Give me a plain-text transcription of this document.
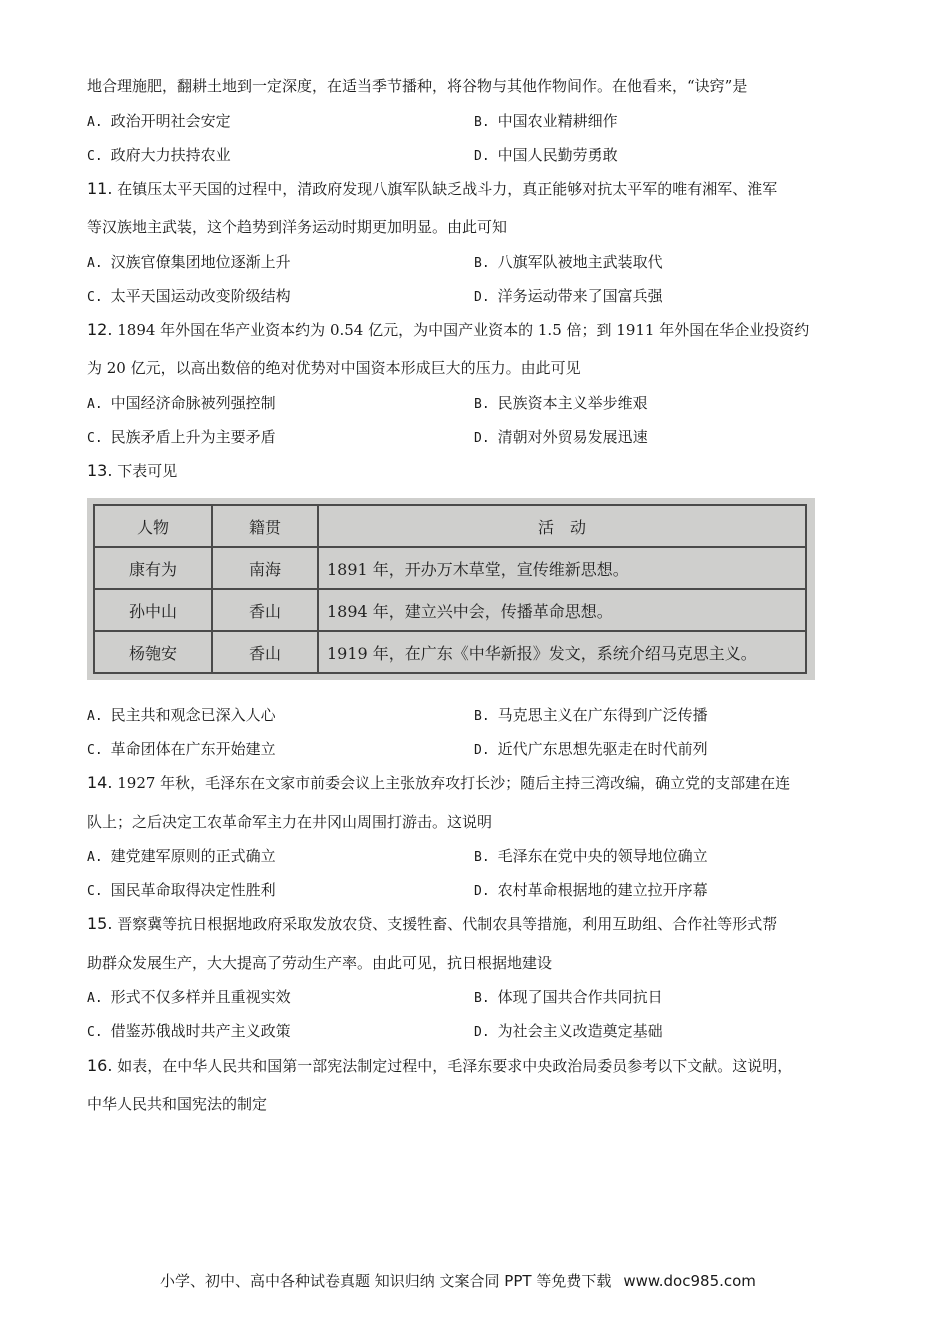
地合理施肥，翻耕土地到一定深度，在适当季节播种，将谷物与其他作物间作。在他看来，“诀窍”是
A. 政治开明社会安定	B. 中国农业精耕细作
C. 政府大力扶持农业	D. 中国人民勤劳勇敢
11. 在镇压太平天国的过程中，清政府发现八旗军队缺乏战斗力，真正能够对抗太平军的唯有湘军、淮军
等汉族地主武装，这个趋势到洋务运动时期更加明显。由此可知
A. 汉族官僚集团地位逐渐上升	B. 八旗军队被地主武装取代
C. 太平天国运动改变阶级结构	D. 洋务运动带来了国富兵强
12. 1894 年外国在华产业资本约为 0.54 亿元，为中国产业资本的 1.5 倍；到 1911 年外国在华企业投资约
为 20 亿元，以高出数倍的绝对优势对中国资本形成巨大的压力。由此可见
A. 中国经济命脉被列强控制	B. 民族资本主义举步维艰
C. 民族矛盾上升为主要矛盾	D. 清朝对外贸易发展迅速
13. 下表可见
人物	籍贯	活　动
康有为	南海	1891 年，开办万木草堂，宣传维新思想。
孙中山	香山	1894 年，建立兴中会，传播革命思想。
杨匏安	香山	1919 年，在广东《中华新报》发文，系统介绍马克思主义。
A. 民主共和观念已深入人心	B. 马克思主义在广东得到广泛传播
C. 革命团体在广东开始建立	D. 近代广东思想先驱走在时代前列
14. 1927 年秋，毛泽东在文家市前委会议上主张放弃攻打长沙；随后主持三湾改编，确立党的支部建在连
队上；之后决定工农革命军主力在井冈山周围打游击。这说明
A. 建党建军原则的正式确立	B. 毛泽东在党中央的领导地位确立
C. 国民革命取得决定性胜利	D. 农村革命根据地的建立拉开序幕
15. 晋察冀等抗日根据地政府采取发放农贷、支援牲畜、代制农具等措施，利用互助组、合作社等形式帮
助群众发展生产，大大提高了劳动生产率。由此可见，抗日根据地建设
A. 形式不仅多样并且重视实效	B. 体现了国共合作共同抗日
C. 借鉴苏俄战时共产主义政策	D. 为社会主义改造奠定基础
16. 如表，在中华人民共和国第一部宪法制定过程中，毛泽东要求中央政治局委员参考以下文献。这说明，
中华人民共和国宪法的制定
小学、初中、高中各种试卷真题 知识归纳 文案合同 PPT 等免费下载 www.doc985.com
